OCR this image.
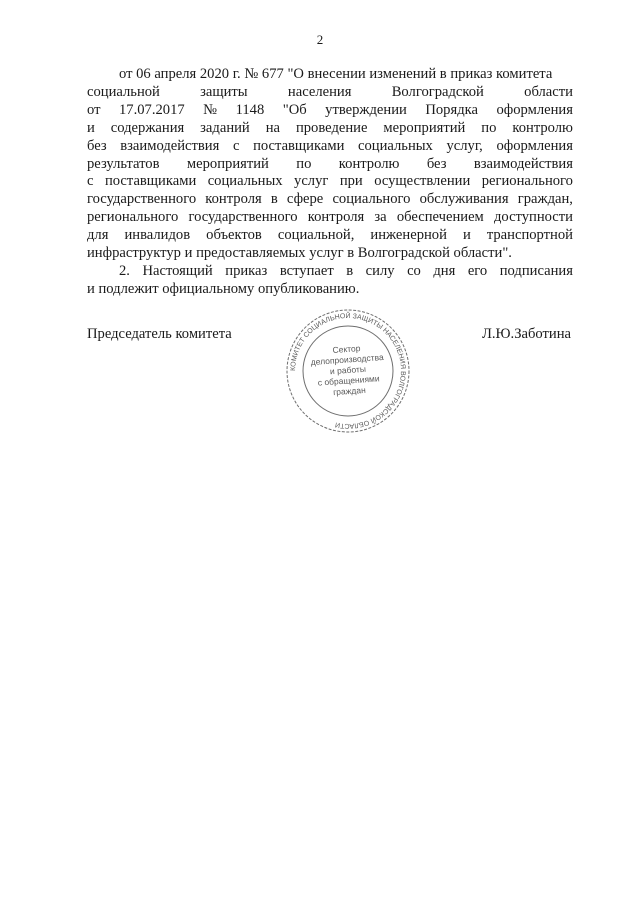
2
от 06 апреля 2020 г. № 677 "О внесении изменений в приказ комитета
социальной	защиты	населения	Волгоградской	области
от 17.07.2017 № 1148 "Об утверждении Порядка оформления
и содержания заданий на проведение мероприятий по контролю
без взаимодействия с поставщиками социальных услуг, оформления
результатов мероприятий по контролю без взаимодействия
с поставщиками социальных услуг при осуществлении регионального
государственного контроля в сфере социального обслуживания граждан,
регионального государственного контроля за обеспечением доступности
для инвалидов объектов социальной, инженерной и транспортной
инфраструктур и предоставляемых услуг в Волгоградской области".
2. Настоящий приказ вступает в силу со дня его подписания
и подлежит официальному опубликованию.
Председатель комитета	Л.Ю.Заботина
КОМИТЕТ СОЦИАЛЬНОЙ ЗАЩИТЫ НАСЕЛЕНИЯ ВОЛГОГРАДСКОЙ ОБЛАСТИ
Сектор
делопроизводства
и работы
с обращениями
граждан
